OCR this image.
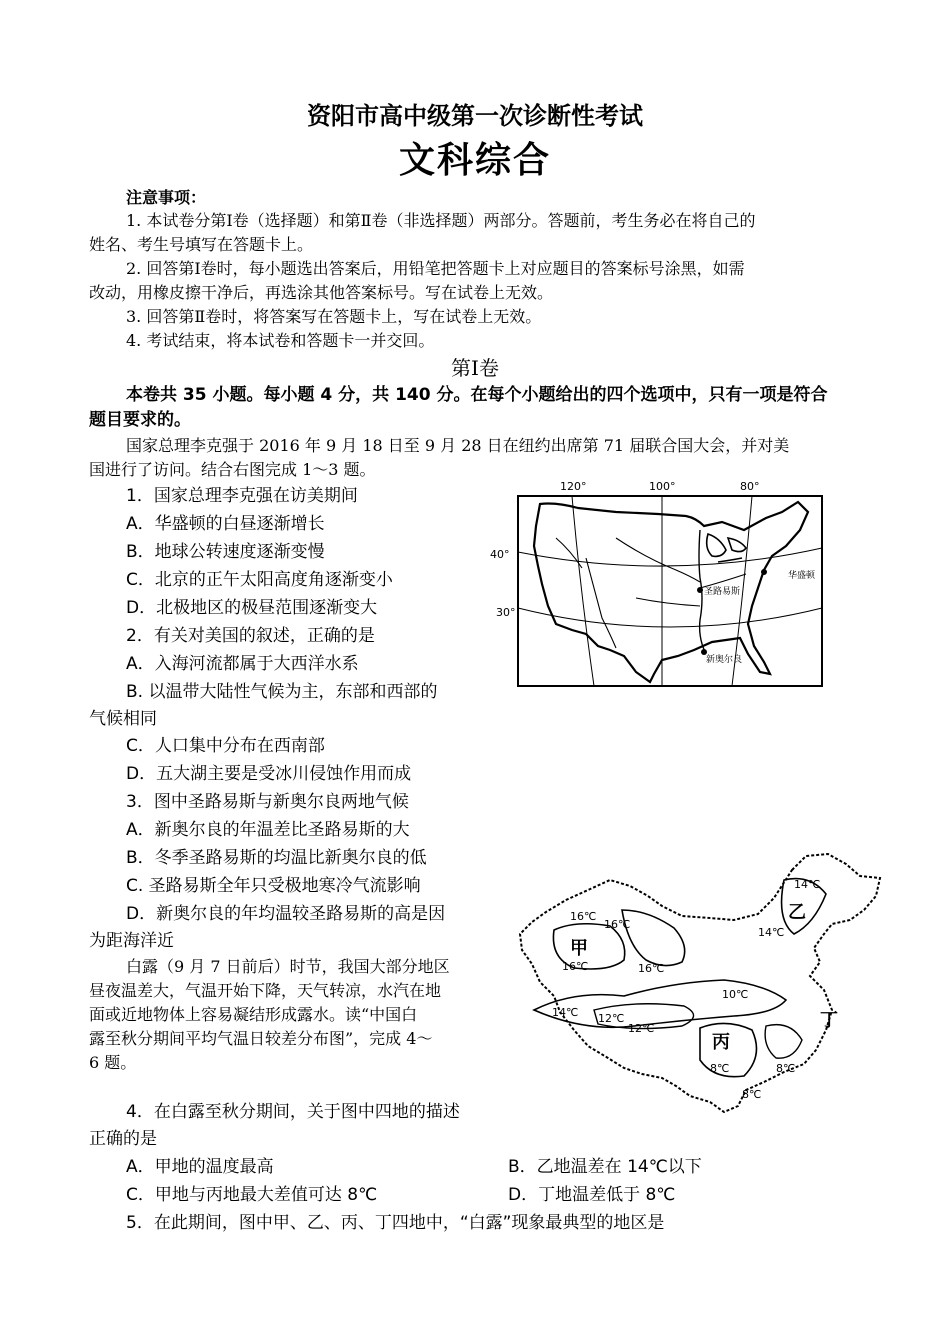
资阳市高中级第一次诊断性考试
文科综合
注意事项：
1. 本试卷分第Ⅰ卷（选择题）和第Ⅱ卷（非选择题）两部分。答题前，考生务必在将自己的
姓名、考生号填写在答题卡上。
2. 回答第Ⅰ卷时，每小题选出答案后，用铅笔把答题卡上对应题目的答案标号涂黑，如需
改动，用橡皮擦干净后，再选涂其他答案标号。写在试卷上无效。
3. 回答第Ⅱ卷时，将答案写在答题卡上，写在试卷上无效。
4. 考试结束，将本试卷和答题卡一并交回。
第Ⅰ卷
本卷共 35 小题。每小题 4 分，共 140 分。在每个小题给出的四个选项中，只有一项是符合
题目要求的。
国家总理李克强于 2016 年 9 月 18 日至 9 月 28 日在纽约出席第 71 届联合国大会，并对美
国进行了访问。结合右图完成 1～3 题。
1．国家总理李克强在访美期间
A．华盛顿的白昼逐渐增长
B．地球公转速度逐渐变慢
C．北京的正午太阳高度角逐渐变小
D．北极地区的极昼范围逐渐变大
2．有关对美国的叙述，正确的是
A．入海河流都属于大西洋水系
B. 以温带大陆性气候为主，东部和西部的
气候相同
C．人口集中分布在西南部
D．五大湖主要是受冰川侵蚀作用而成
3．图中圣路易斯与新奥尔良两地气候
A．新奥尔良的年温差比圣路易斯的大
B．冬季圣路易斯的均温比新奥尔良的低
C. 圣路易斯全年只受极地寒冷气流影响
D．新奥尔良的年均温较圣路易斯的高是因
为距海洋近
白露（9 月 7 日前后）时节，我国大部分地区
昼夜温差大，气温开始下降，天气转凉，水汽在地
面或近地物体上容易凝结形成露水。读“中国白
露至秋分期间平均气温日较差分布图”，完成 4～
6 题。
4．在白露至秋分期间，关于图中四地的描述
正确的是
A．甲地的温度最高	B．乙地温差在 14℃以下
C．甲地与丙地最大差值可达 8℃	D．丁地温差低于 8℃
5．在此期间，图中甲、乙、丙、丁四地中，“白露”现象最典型的地区是
120°	100°	80°
40°
30°
圣路易斯
华盛顿
新奥尔良
甲
乙
丙
丁
14℃
14℃
16℃
16℃
16℃	16℃
10℃
14℃ 12℃
12℃
8℃	8℃
8℃
